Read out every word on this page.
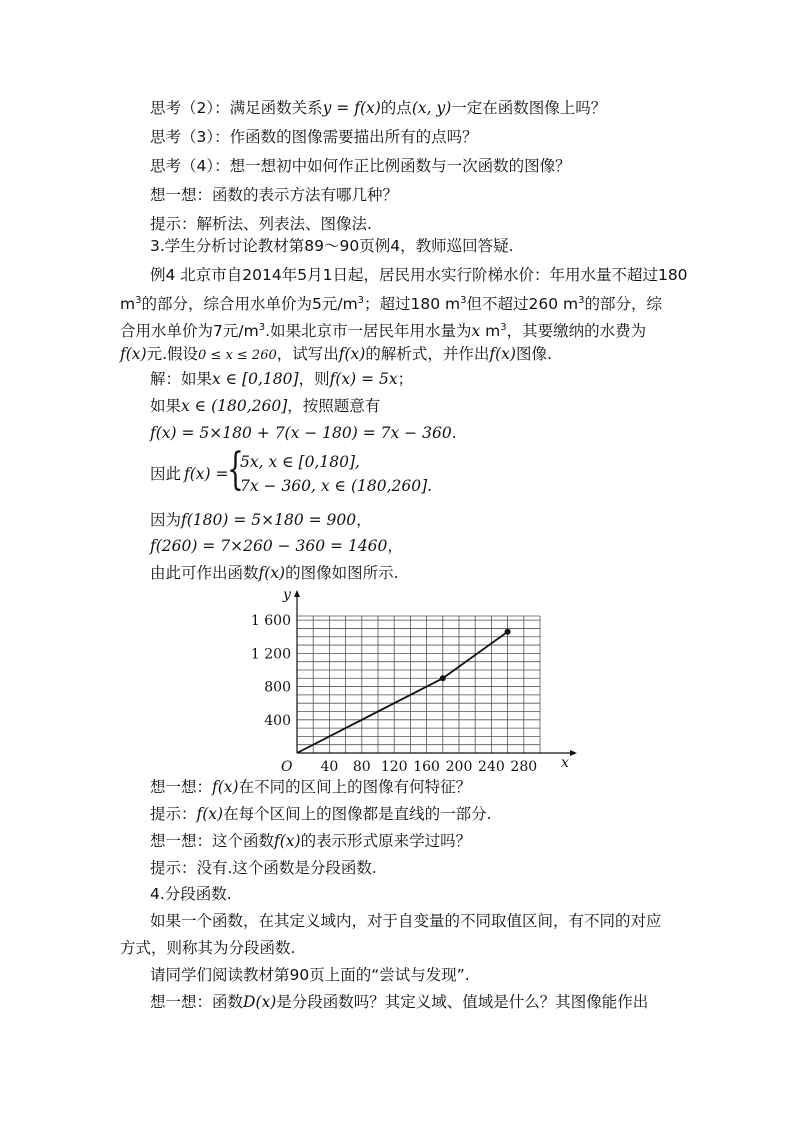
思考（2）：满足函数关系y = f(x)的点(x, y)一定在函数图像上吗？
思考（3）：作函数的图像需要描出所有的点吗？
思考（4）：想一想初中如何作正比例函数与一次函数的图像？
想一想：函数的表示方法有哪几种？
提示：解析法、列表法、图像法.
3.学生分析讨论教材第89～90页例4，教师巡回答疑.
例4 北京市自2014年5月1日起，居民用水实行阶梯水价：年用水量不超过180
$m^3$的部分，综合用水单价为5元$/m^3$；超过180 $m^3$但不超过260 $m^3$的部分，综
合用水单价为7元$/m^3$.如果北京市一居民年用水量为x $m^3$，其要缴纳的水费为
f(x)元.假设0 ≤ x ≤ 260，试写出f(x)的解析式，并作出f(x)图像.
解：如果x ∈ [0,180]，则f(x) = 5x；
如果x ∈ (180,260]，按照题意有
f(x) = 5×180 + 7(x − 180) = 7x − 360.
因此 f(x) =
{
5x, x ∈ [0,180],
7x − 360, x ∈ (180,260].
因为f(180) = 5×180 = 900，
f(260) = 7×260 − 360 = 1460，
由此可作出函数f(x)的图像如图所示.
40 80 120 160 200 240 280
400
800
1 200
1 600
y
x
O
想一想：f(x)在不同的区间上的图像有何特征？
提示：f(x)在每个区间上的图像都是直线的一部分.
想一想：这个函数f(x)的表示形式原来学过吗？
提示：没有.这个函数是分段函数.
4.分段函数.
如果一个函数，在其定义域内，对于自变量的不同取值区间，有不同的对应
方式，则称其为分段函数.
请同学们阅读教材第90页上面的“尝试与发现”.
想一想：函数D(x)是分段函数吗？其定义域、值域是什么？其图像能作出
